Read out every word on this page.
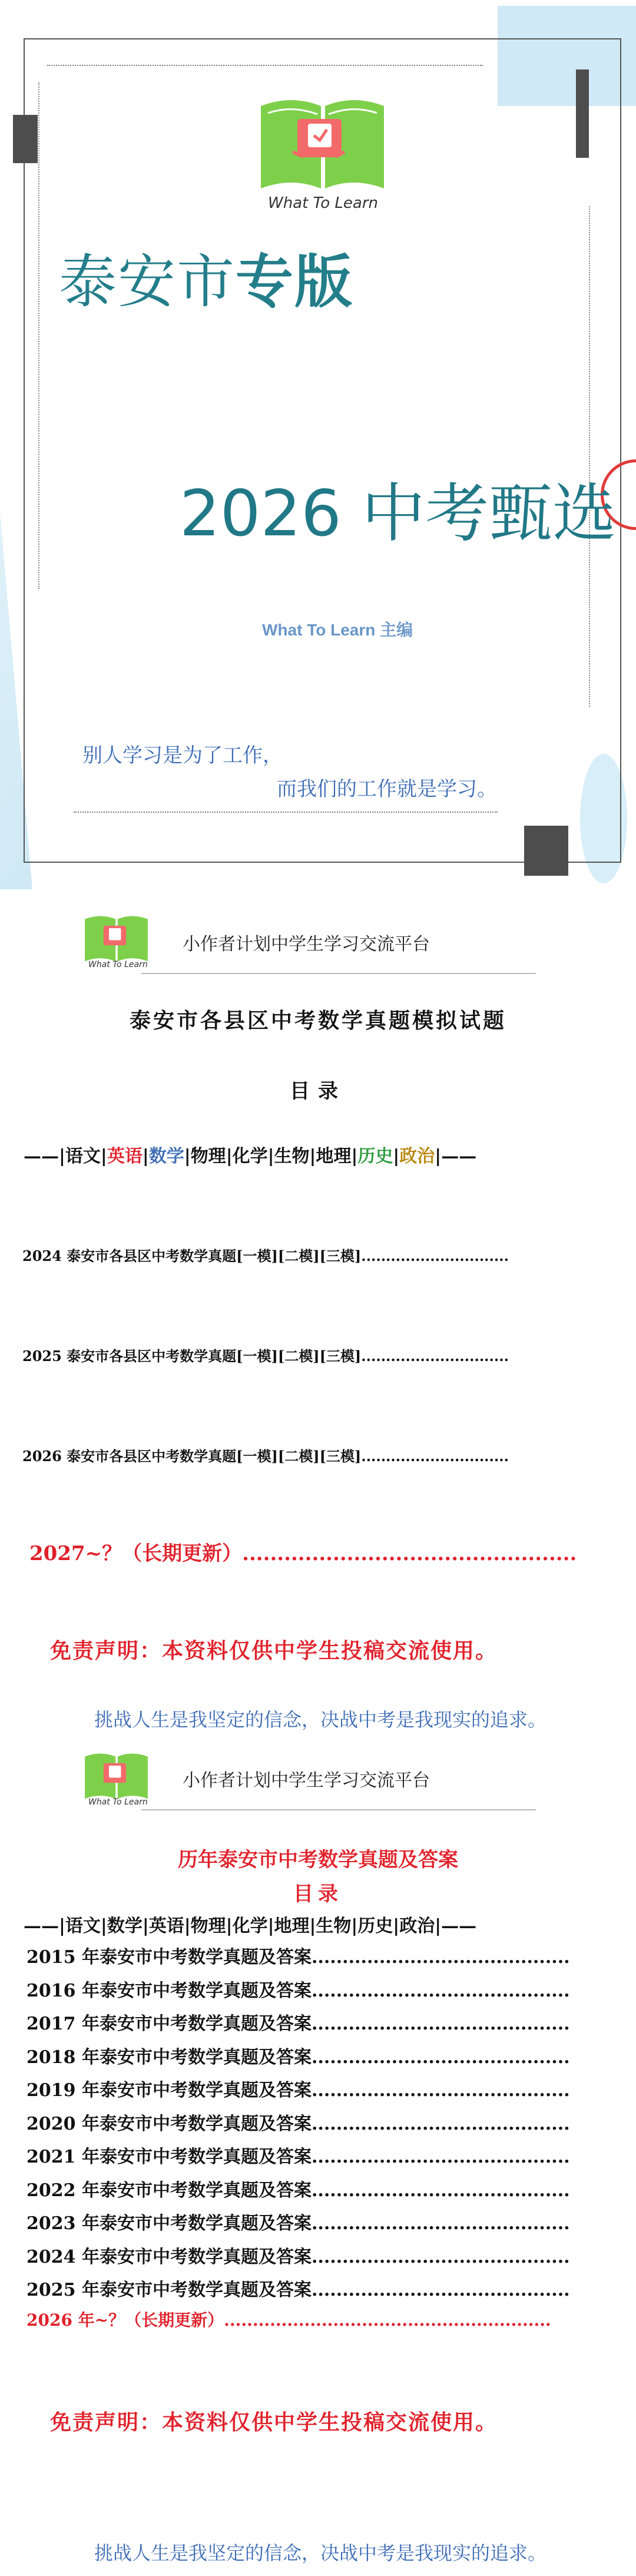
What To Learn
泰安市专版
2026 中考甄选
What To Learn 主编
别人学习是为了工作，
而我们的工作就是学习。
What To Learn
小作者计划中学生学习交流平台
泰安市各县区中考数学真题模拟试题
目录
——|语文|英语|数学|物理|化学|生物|地理|历史|政治|——
2024 泰安市各县区中考数学真题[一模][二模][三模]..............................
2025 泰安市各县区中考数学真题[一模][二模][三模]..............................
2026 泰安市各县区中考数学真题[一模][二模][三模]..............................
2027~？（长期更新）................................................
免责声明：本资料仅供中学生投稿交流使用。
挑战人生是我坚定的信念，决战中考是我现实的追求。
What To Learn
小作者计划中学生学习交流平台
历年泰安市中考数学真题及答案
目录
——|语文|数学|英语|物理|化学|地理|生物|历史|政治|——
2015 年泰安市中考数学真题及答案..........................................
2016 年泰安市中考数学真题及答案..........................................
2017 年泰安市中考数学真题及答案..........................................
2018 年泰安市中考数学真题及答案..........................................
2019 年泰安市中考数学真题及答案..........................................
2020 年泰安市中考数学真题及答案..........................................
2021 年泰安市中考数学真题及答案..........................................
2022 年泰安市中考数学真题及答案..........................................
2023 年泰安市中考数学真题及答案..........................................
2024 年泰安市中考数学真题及答案..........................................
2025 年泰安市中考数学真题及答案..........................................
2026 年~？（长期更新）.........................................................
免责声明：本资料仅供中学生投稿交流使用。
挑战人生是我坚定的信念，决战中考是我现实的追求。
